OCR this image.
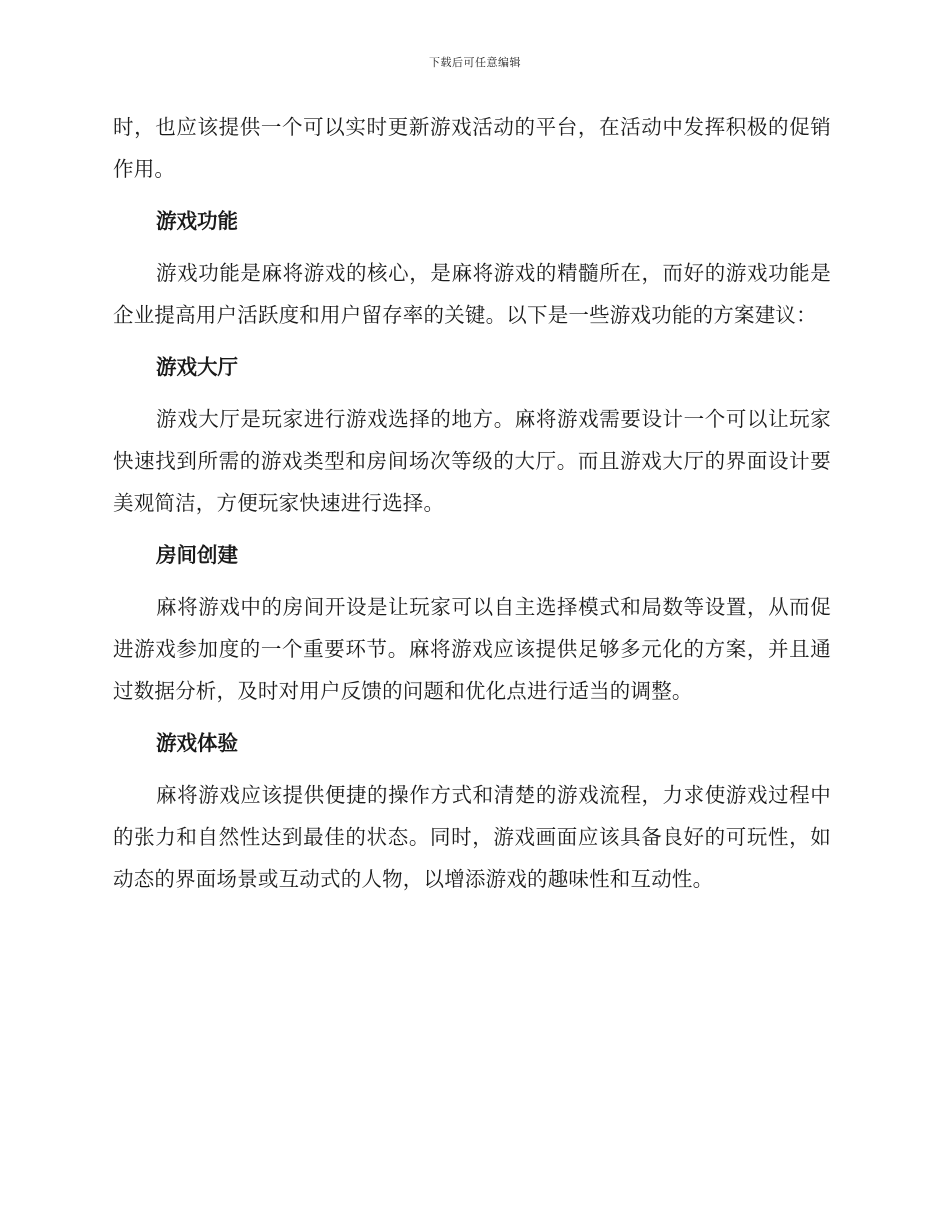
下载后可任意编辑

时，也应该提供一个可以实时更新游戏活动的平台，在活动中发挥积极的促销作用。

游戏功能

游戏功能是麻将游戏的核心，是麻将游戏的精髓所在，而好的游戏功能是企业提高用户活跃度和用户留存率的关键。以下是一些游戏功能的方案建议：

游戏大厅

游戏大厅是玩家进行游戏选择的地方。麻将游戏需要设计一个可以让玩家快速找到所需的游戏类型和房间场次等级的大厅。而且游戏大厅的界面设计要美观简洁，方便玩家快速进行选择。

房间创建

麻将游戏中的房间开设是让玩家可以自主选择模式和局数等设置，从而促进游戏参加度的一个重要环节。麻将游戏应该提供足够多元化的方案，并且通过数据分析，及时对用户反馈的问题和优化点进行适当的调整。

游戏体验

麻将游戏应该提供便捷的操作方式和清楚的游戏流程，力求使游戏过程中的张力和自然性达到最佳的状态。同时，游戏画面应该具备良好的可玩性，如动态的界面场景或互动式的人物，以增添游戏的趣味性和互动性。
